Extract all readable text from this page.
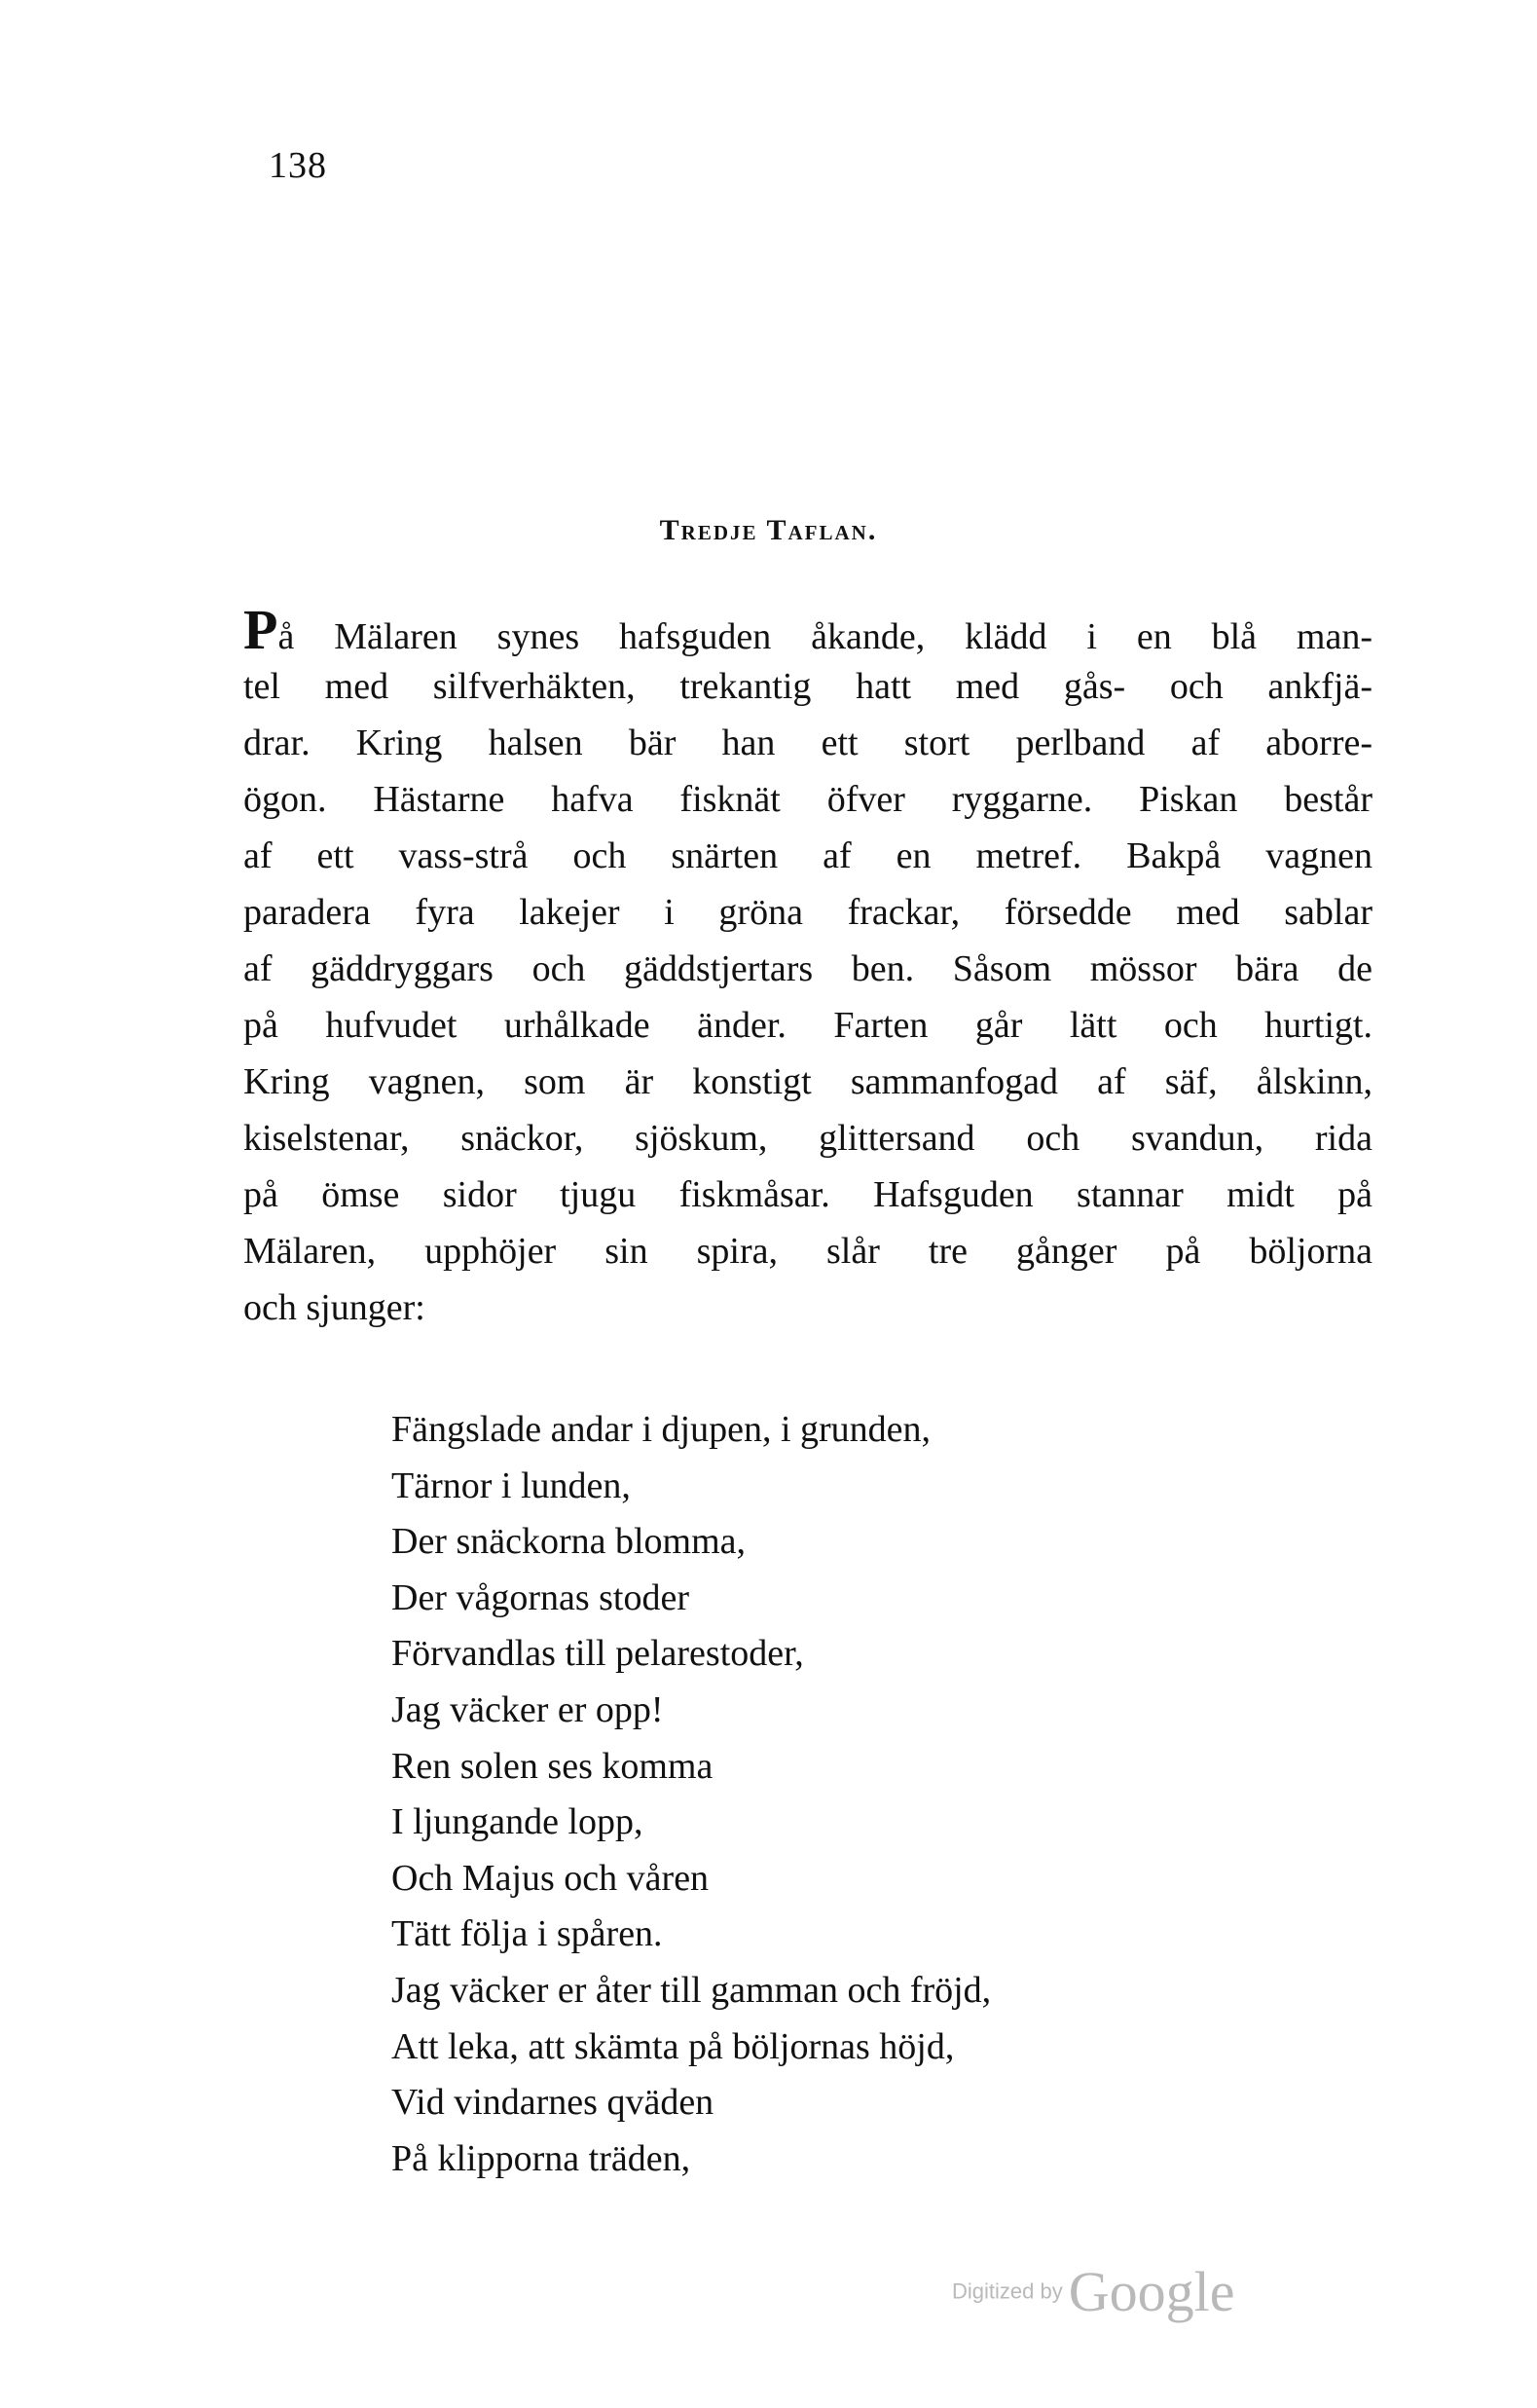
138
Tredje Taflan.
På Mälaren synes hafsguden åkande, klädd i en blå man-
tel med silfverhäkten, trekantig hatt med gås- och ankfjä-
drar. Kring halsen bär han ett stort perlband af aborre-
ögon. Hästarne hafva fisknät öfver ryggarne. Piskan består
af ett vass-strå och snärten af en metref. Bakpå vagnen
paradera fyra lakejer i gröna frackar, försedde med sablar
af gäddryggars och gäddstjertars ben. Såsom mössor bära de
på hufvudet urhålkade änder. Farten går lätt och hurtigt.
Kring vagnen, som är konstigt sammanfogad af säf, ålskinn,
kiselstenar, snäckor, sjöskum, glittersand och svandun, rida
på ömse sidor tjugu fiskmåsar. Hafsguden stannar midt på
Mälaren, upphöjer sin spira, slår tre gånger på böljorna
och sjunger:
Fängslade andar i djupen, i grunden,
Tärnor i lunden,
Der snäckorna blomma,
Der vågornas stoder
Förvandlas till pelarestoder,
Jag väcker er opp!
Ren solen ses komma
I ljungande lopp,
Och Majus och våren
Tätt följa i spåren.
Jag väcker er åter till gamman och fröjd,
Att leka, att skämta på böljornas höjd,
Vid vindarnes qväden
På klipporna träden,
Digitized by Google
